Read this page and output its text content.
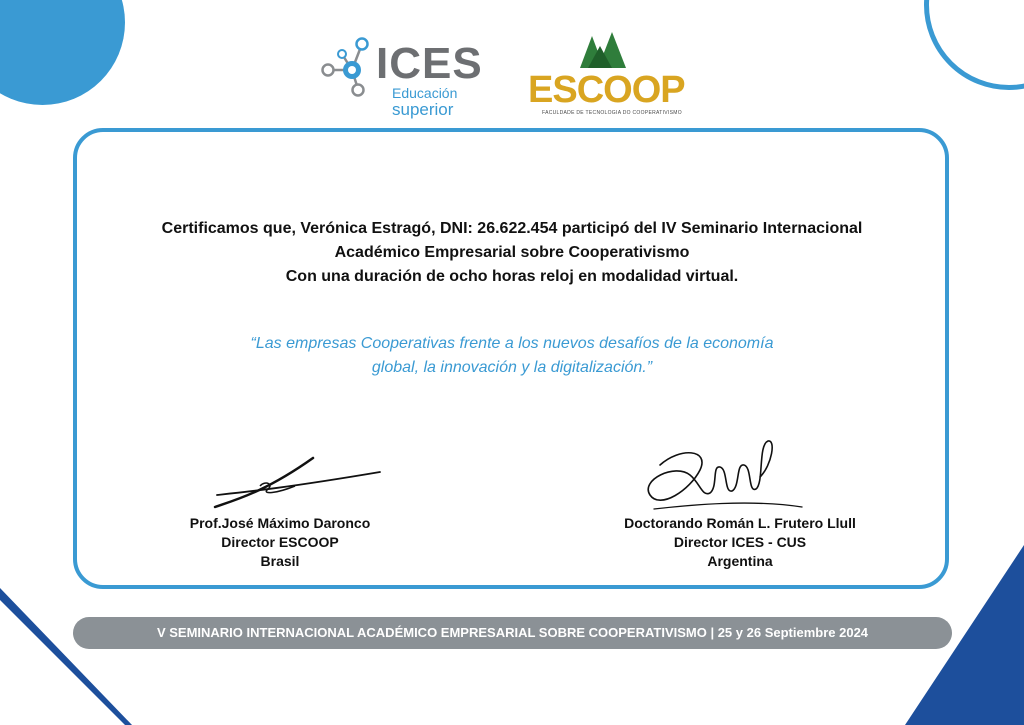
ICES
Educación
superior ESCOOP
FACULDADE DE TECNOLOGIA DO COOPERATIVISMO
Certificamos que, Verónica Estragó, DNI: 26.622.454 participó del IV Seminario Internacional
Académico Empresarial sobre Cooperativismo
Con una duración de ocho horas reloj en modalidad virtual.
“Las empresas Cooperativas frente a los nuevos desafíos de la economía
global, la innovación y la digitalización.”
Prof.José Máximo Daronco
Director ESCOOP
Brasil
Doctorando Román L. Frutero Llull
Director ICES - CUS
Argentina
V SEMINARIO INTERNACIONAL ACADÉMICO EMPRESARIAL SOBRE COOPERATIVISMO | 25 y 26 Septiembre 2024
